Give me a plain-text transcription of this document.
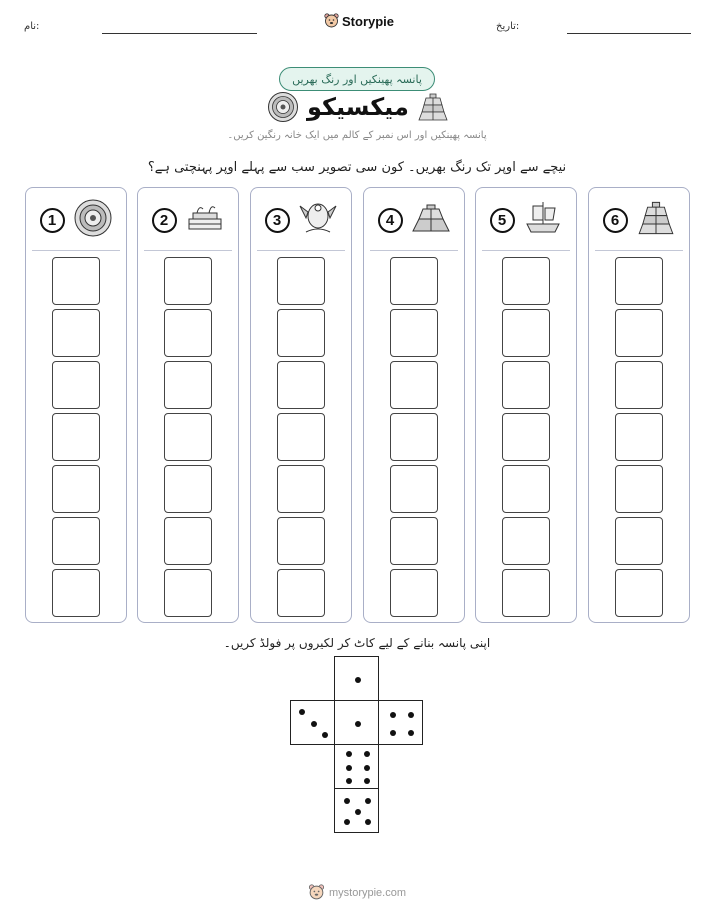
نام:	Storypie	تاریخ:
پانسہ پھینکیں اور رنگ بھریں
میکسیکو
پانسہ پھینکیں اور اس نمبر کے کالم میں ایک خانہ رنگین کریں۔
نیچے سے اوپر تک رنگ بھریں۔ کون سی تصویر سب سے پہلے اوپر پہنچتی ہے؟
1	2	3	4	5	6
اپنی پانسہ بنانے کے لیے کاٹ کر لکیروں پر فولڈ کریں۔
mystorypie.com
